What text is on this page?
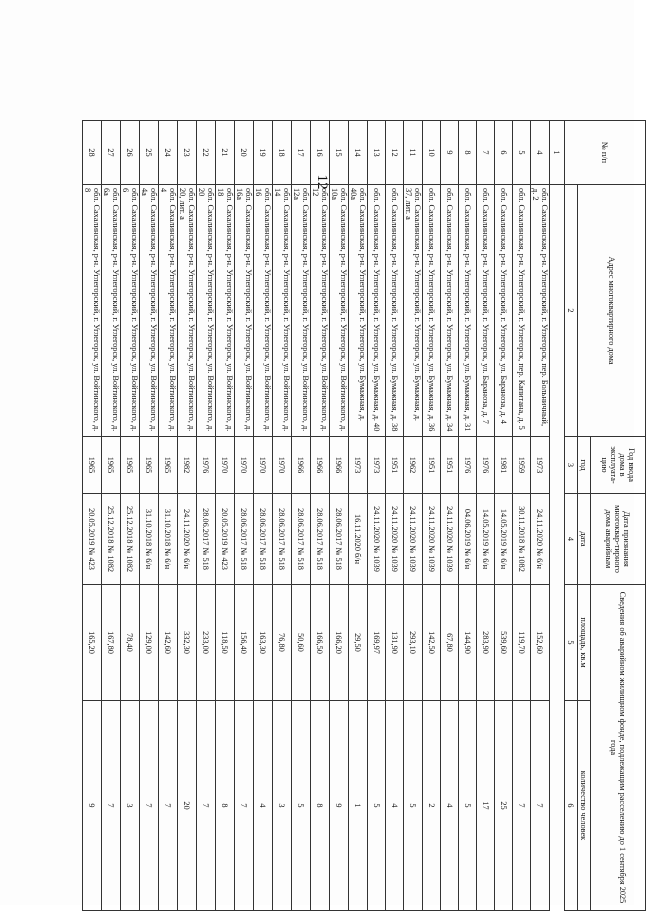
12
№ п/п	Адрес многоквартирного дома	Год ввода дома в эксплуата-цию	Дата признания многоквар-тирного дома аварийным	Сведения об аварийном жилищном фонде, подлежащим расселению до 1 сентября 2025 года	
		год	дата	площадь, кв.м	количество человек
	2	3	4	5	6
1					
4	обл. Сахалинская, р-н. Углегорский, г. Углегорск, пер. Больничный, д. 2	1973	24.11.2020 № 6/н	152,60	7
5	обл. Сахалинская, р-н. Углегорский, г. Углегорск, пер. Капитана, д. 5	1959	30.11.2018 № 1082	119,70	7
6	обл. Сахалинская, р-н. Углегорский, г. Углегорск, ул. Бараноза, д. 4	1981	14.05.2019 № 6/н	539,60	25
7	обл. Сахалинская, р-н. Углегорский, г. Углегорск, ул. Бараноза, д. 7	1976	14.05.2019 № 6/н	283,90	17
8	обл. Сахалинская, р-н. Углегорский, г. Углегорск, ул. Бумажная, д. 31	1976	04.06.2019 № 6/н	144,90	5
9	обл. Сахалинская, р-н. Углегорский, г. Углегорск, ул. Бумажная, д. 34	1951	24.11.2020 № 1039	67,80	4
10	обл. Сахалинская, р-н. Углегорский, г. Углегорск, ул. Бумажная, д. 36	1951	24.11.2020 № 1039	142,50	2
11	обл. Сахалинская, р-н. Углегорский, г. Углегорск, ул. Бумажная, д. 37, лит. а	1962	24.11.2020 № 1039	293,10	5
12	обл. Сахалинская, р-н. Углегорский, г. Углегорск, ул. Бумажная, д. 38	1951	24.11.2020 № 1039	131,90	4
13	обл. Сахалинская, р-н. Углегорский, г. Углегорск, ул. Бумажная, д. 40	1973	24.11.2020 № 1039	169,97	5
14	обл. Сахалинская, р-н. Углегорский, г. Углегорск, ул. Бумажная, д. 40а	1973	16.11.2020 б/н	29,50	1
15	обл. Сахалинская, р-н. Углегорский, г. Углегорск, ул. Войтинского, д. 10а	1966	28.06.2017 № 518	166,20	9
16	обл. Сахалинская, р-н. Углегорский, г. Углегорск, ул. Войтинского, д. 12	1966	28.06.2017 № 518	166,50	8
17	обл. Сахалинская, р-н. Углегорский, г. Углегорск, ул. Войтинского, д. 12а	1966	28.06.2017 № 518	50,60	5
18	обл. Сахалинская, р-н. Углегорский, г. Углегорск, ул. Войтинского, д. 14	1970	28.06.2017 № 518	76,80	3
19	обл. Сахалинская, р-н. Углегорский, г. Углегорск, ул. Войтинского, д. 16	1970	28.06.2017 № 518	163,30	4
20	обл. Сахалинская, р-н. Углегорский, г. Углегорск, ул. Войтинского, д. 16а	1970	28.06.2017 № 518	156,40	7
21	обл. Сахалинская, р-н. Углегорский, г. Углегорск, ул. Войтинского, д. 18	1970	20.05.2019 № 423	118,50	8
22	обл. Сахалинская, р-н. Углегорский, г. Углегорск, ул. Войтинского, д. 20	1976	28.06.2017 № 518	233,00	7
23	обл. Сахалинская, р-н. Углегорский, г. Углегорск, ул. Войтинского, д. 20, лит. а	1982	24.11.2020 № 6/н	332,30	20
24	обл. Сахалинская, р-н. Углегорский, г. Углегорск, ул. Войтинского, д. 4	1965	31.10.2018 № 6/н	142,60	7
25	обл. Сахалинская, р-н. Углегорский, г. Углегорск, ул. Войтинского, д. 4а	1965	31.10.2018 № 6/н	129,00	7
26	обл. Сахалинская, р-н. Углегорский, г. Углегорск, ул. Войтинского, д. 6	1965	25.12.2018 № 1082	78,40	3
27	обл. Сахалинская, р-н. Углегорский, г. Углегорск, ул. Войтинского, д. 6а	1965	25.12.2018 № 1082	167,80	7
28	обл. Сахалинская, р-н. Углегорский, г. Углегорск, ул. Войтинского, д. 8	1965	20.05.2019 № 423	165,20	9
